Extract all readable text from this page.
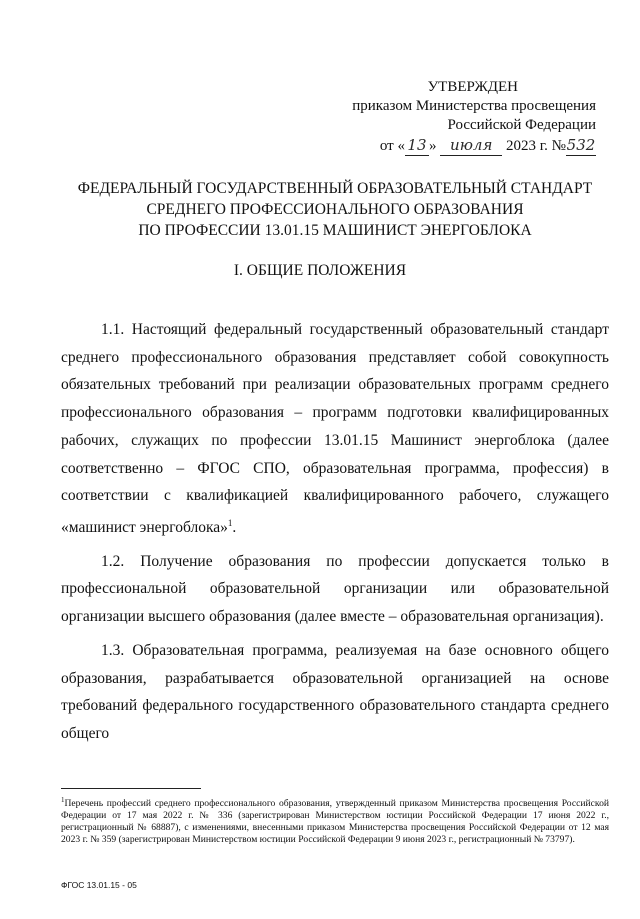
УТВЕРЖДЕН
приказом Министерства просвещения
Российской Федерации
от « 13 » июля 2023 г. №532
ФЕДЕРАЛЬНЫЙ ГОСУДАРСТВЕННЫЙ ОБРАЗОВАТЕЛЬНЫЙ СТАНДАРТ
СРЕДНЕГО ПРОФЕССИОНАЛЬНОГО ОБРАЗОВАНИЯ
ПО ПРОФЕССИИ 13.01.15 МАШИНИСТ ЭНЕРГОБЛОКА
I. ОБЩИЕ ПОЛОЖЕНИЯ

1.1. Настоящий федеральный государственный образовательный стандарт среднего профессионального образования представляет собой совокупность обязательных требований при реализации образовательных программ среднего профессионального образования – программ подготовки квалифицированных рабочих, служащих по профессии 13.01.15 Машинист энергоблока (далее соответственно – ФГОС СПО, образовательная программа, профессия) в соответствии с квалификацией квалифицированного рабочего, служащего «машинист энергоблока»$^1$.

1.2. Получение образования по профессии допускается только в профессиональной образовательной организации или образовательной организации высшего образования (далее вместе – образовательная организация).

1.3. Образовательная программа, реализуемая на базе основного общего образования, разрабатывается образовательной организацией на основе требований федерального государственного образовательного стандарта среднего общего

$^1$Перечень профессий среднего профессионального образования, утвержденный приказом Министерства просвещения Российской Федерации от 17 мая 2022 г. № 336 (зарегистрирован Министерством юстиции Российской Федерации 17 июня 2022 г., регистрационный № 68887), с изменениями, внесенными приказом Министерства просвещения Российской Федерации от 12 мая 2023 г. № 359 (зарегистрирован Министерством юстиции Российской Федерации 9 июня 2023 г., регистрационный № 73797).
ФГОС 13.01.15 - 05
